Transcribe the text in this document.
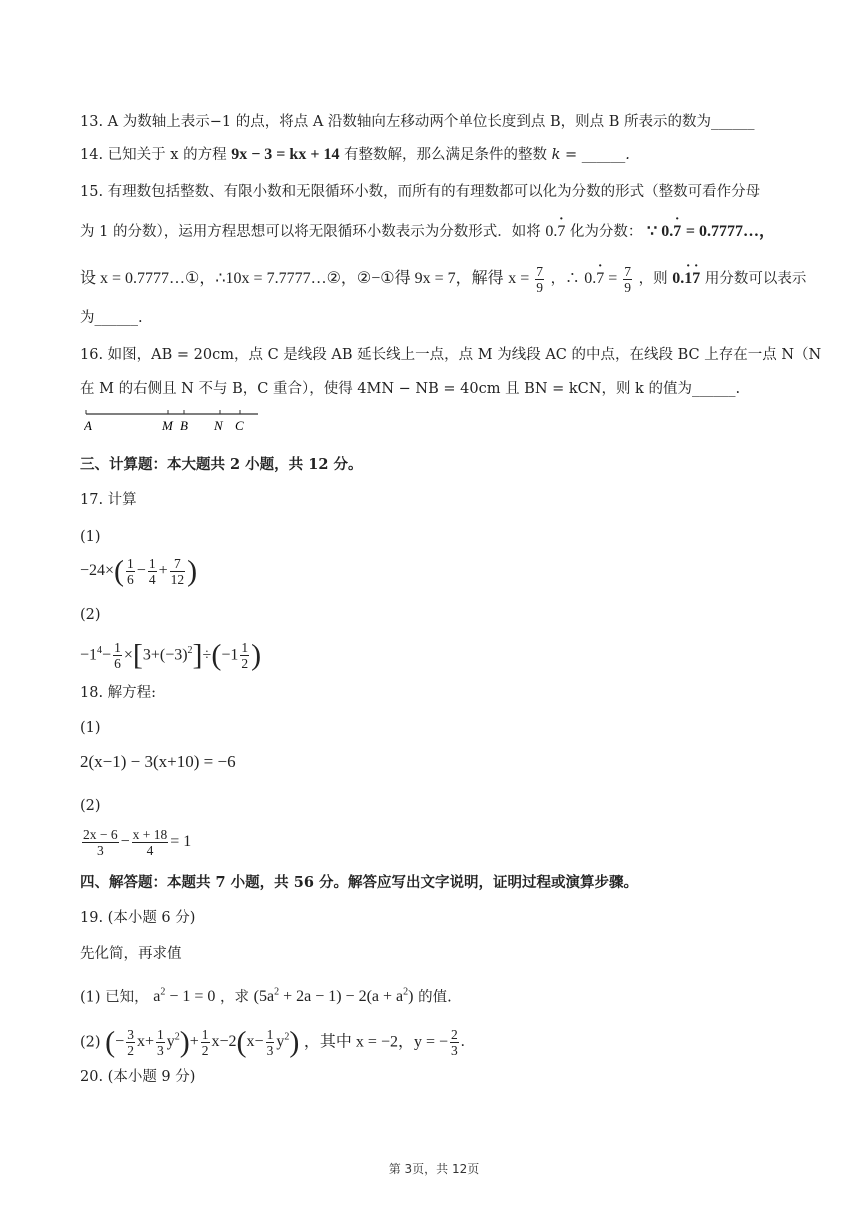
13. A 为数轴上表示−1 的点，将点 A 沿数轴向左移动两个单位长度到点 B，则点 B 所表示的数为______
14. 已知关于 x 的方程 9x − 3 = kx + 14 有整数解，那么满足条件的整数 k = ______.
15. 有理数包括整数、有限小数和无限循环小数，而所有的有理数都可以化为分数的形式（整数可看作分母
为 1 的分数），运用方程思想可以将无限循环小数表示为分数形式．如将 0.7 · 化为分数： ∵ 0.7 · = 0.7777…，
设 x = 0.7777…①，∴10x = 7.7777…②，②−①得 9x = 7，解得 $x = \frac{7}{9}$ ，∴ 0.7 · = $\frac{7}{9}$ ，则 0.1 ·7 · 用分数可以表示
为______.
16. 如图，AB = 20cm，点 C 是线段 AB 延长线上一点，点 M 为线段 AC 的中点，在线段 BC 上存在一点 N（N
在 M 的右侧且 N 不与 B，C 重合），使得 4MN − NB = 40cm 且 BN = kCN，则 k 的值为______.
A	M B N C
三、计算题：本大题共 2 小题，共 12 分。
17. 计算
(1)
$-24\times( \frac{1}{6} - \frac{1}{4} + \frac{7}{12}$ )
(2)
$-1^4- \frac{1}{6} \times[3+(-3)^2]\div(-1 \frac{1}{2}$ )
18. 解方程:
(1)
2(x−1) − 3(x+10) = −6
(2)
$\frac{2x - 6}{3} - \frac{x + 18}{4} = 1$
四、解答题：本题共 7 小题，共 56 分。解答应写出文字说明，证明过程或演算步骤。
19. (本小题 6 分)
先化简，再求值
(1) 已知， $a^2 - 1 = 0$ ，求 $(5a^2 + 2a - 1) - 2(a + a^2)$ 的值.
(2) (− $\frac{3}{2} x+ \frac{1}{3} y^2)+ \frac{1}{2} x-2(x- \frac{1}{3} y^2)$ ，其中 x = −2，y = − $\frac{2}{3}$ .
20. (本小题 9 分)
第 3页，共 12页
